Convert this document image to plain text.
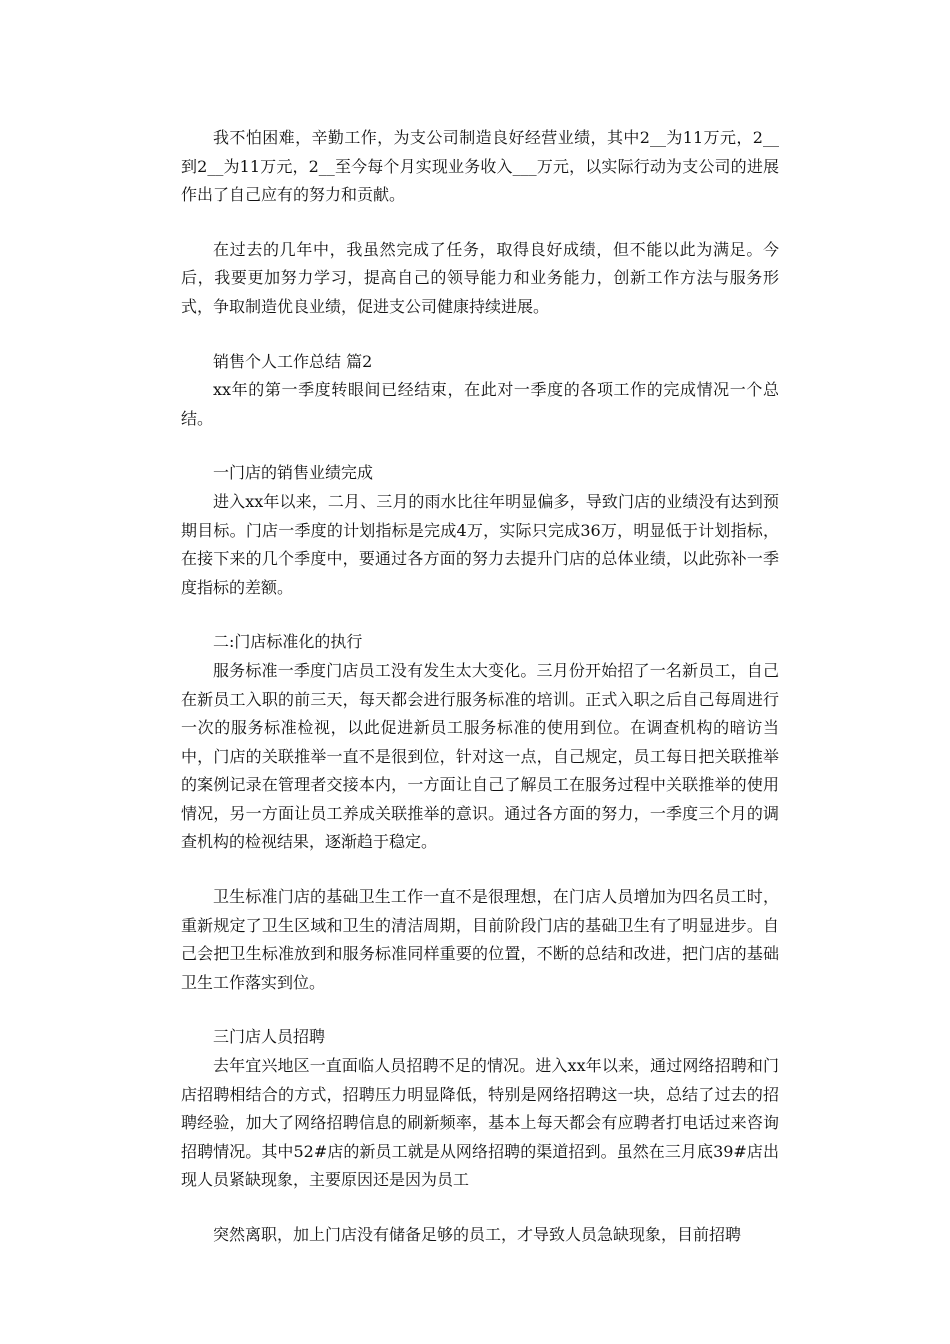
我不怕困难，辛勤工作，为支公司制造良好经营业绩，其中2__为11万元，2__到2__为11万元，2__至今每个月实现业务收入___万元，以实际行动为支公司的进展作出了自己应有的努力和贡献。

在过去的几年中，我虽然完成了任务，取得良好成绩，但不能以此为满足。今后，我要更加努力学习，提高自己的领导能力和业务能力，创新工作方法与服务形式，争取制造优良业绩，促进支公司健康持续进展。

销售个人工作总结 篇2

xx年的第一季度转眼间已经结束，在此对一季度的各项工作的完成情况一个总结。

一门店的销售业绩完成

进入xx年以来，二月、三月的雨水比往年明显偏多，导致门店的业绩没有达到预期目标。门店一季度的计划指标是完成4万，实际只完成36万，明显低于计划指标，在接下来的几个季度中，要通过各方面的努力去提升门店的总体业绩，以此弥补一季度指标的差额。

二:门店标准化的执行

服务标准一季度门店员工没有发生太大变化。三月份开始招了一名新员工，自己在新员工入职的前三天，每天都会进行服务标准的培训。正式入职之后自己每周进行一次的服务标准检视，以此促进新员工服务标准的使用到位。在调查机构的暗访当中，门店的关联推举一直不是很到位，针对这一点，自己规定，员工每日把关联推举的案例记录在管理者交接本内，一方面让自己了解员工在服务过程中关联推举的使用情况，另一方面让员工养成关联推举的意识。通过各方面的努力，一季度三个月的调查机构的检视结果，逐渐趋于稳定。

卫生标准门店的基础卫生工作一直不是很理想，在门店人员增加为四名员工时，重新规定了卫生区域和卫生的清洁周期，目前阶段门店的基础卫生有了明显进步。自己会把卫生标准放到和服务标准同样重要的位置，不断的总结和改进，把门店的基础卫生工作落实到位。

三门店人员招聘

去年宜兴地区一直面临人员招聘不足的情况。进入xx年以来，通过网络招聘和门店招聘相结合的方式，招聘压力明显降低，特别是网络招聘这一块，总结了过去的招聘经验，加大了网络招聘信息的刷新频率，基本上每天都会有应聘者打电话过来咨询招聘情况。其中52#店的新员工就是从网络招聘的渠道招到。虽然在三月底39#店出现人员紧缺现象，主要原因还是因为员工

突然离职，加上门店没有储备足够的员工，才导致人员急缺现象，目前招聘
